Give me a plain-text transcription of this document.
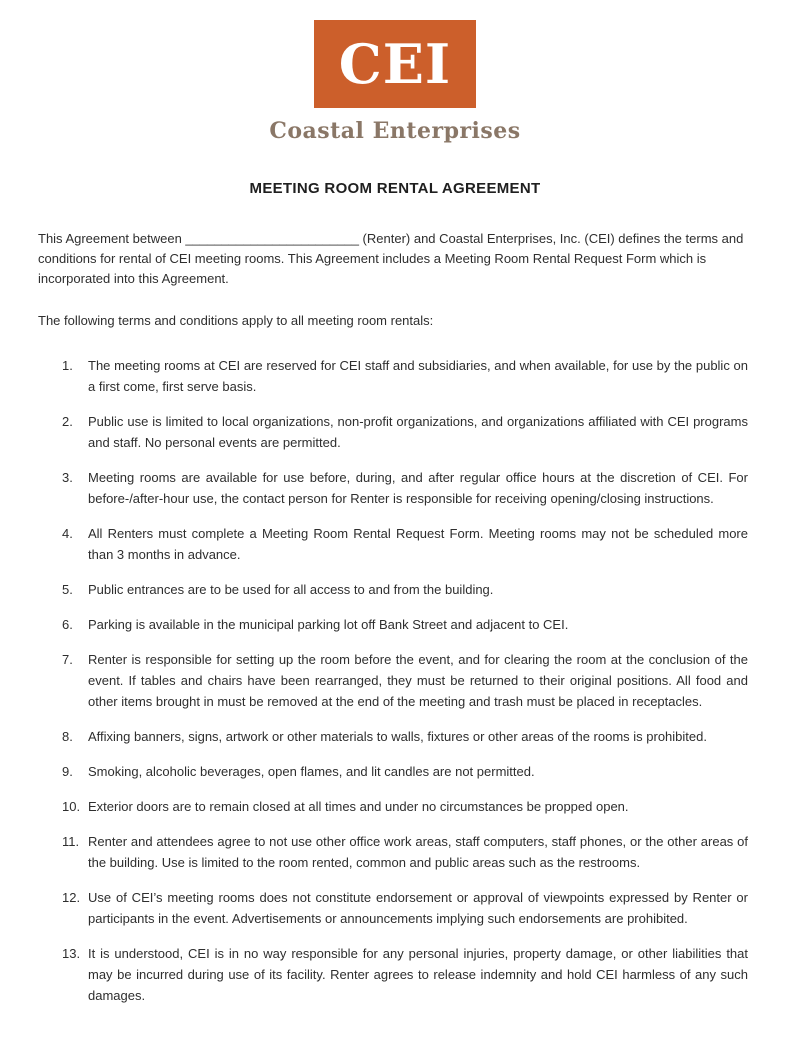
CEI
Coastal Enterprises
MEETING ROOM RENTAL AGREEMENT

This Agreement between ________________________ (Renter) and Coastal Enterprises, Inc. (CEI) defines the terms and conditions for rental of CEI meeting rooms. This Agreement includes a Meeting Room Rental Request Form which is incorporated into this Agreement.

The following terms and conditions apply to all meeting room rentals:

1.	The meeting rooms at CEI are reserved for CEI staff and subsidiaries, and when available, for use by the public on a first come, first serve basis.
2.	Public use is limited to local organizations, non-profit organizations, and organizations affiliated with CEI programs and staff. No personal events are permitted.
3.	Meeting rooms are available for use before, during, and after regular office hours at the discretion of CEI. For before-/after-hour use, the contact person for Renter is responsible for receiving opening/closing instructions.
4.	All Renters must complete a Meeting Room Rental Request Form. Meeting rooms may not be scheduled more than 3 months in advance.
5.	Public entrances are to be used for all access to and from the building.
6.	Parking is available in the municipal parking lot off Bank Street and adjacent to CEI.
7.	Renter is responsible for setting up the room before the event, and for clearing the room at the conclusion of the event. If tables and chairs have been rearranged, they must be returned to their original positions. All food and other items brought in must be removed at the end of the meeting and trash must be placed in receptacles.
8.	Affixing banners, signs, artwork or other materials to walls, fixtures or other areas of the rooms is prohibited.
9.	Smoking, alcoholic beverages, open flames, and lit candles are not permitted.
10. Exterior doors are to remain closed at all times and under no circumstances be propped open.
11. Renter and attendees agree to not use other office work areas, staff computers, staff phones, or the other areas of the building. Use is limited to the room rented, common and public areas such as the restrooms.
12. Use of CEI’s meeting rooms does not constitute endorsement or approval of viewpoints expressed by Renter or participants in the event. Advertisements or announcements implying such endorsements are prohibited.
13. It is understood, CEI is in no way responsible for any personal injuries, property damage, or other liabilities that may be incurred during use of its facility. Renter agrees to release indemnity and hold CEI harmless of any such damages.
